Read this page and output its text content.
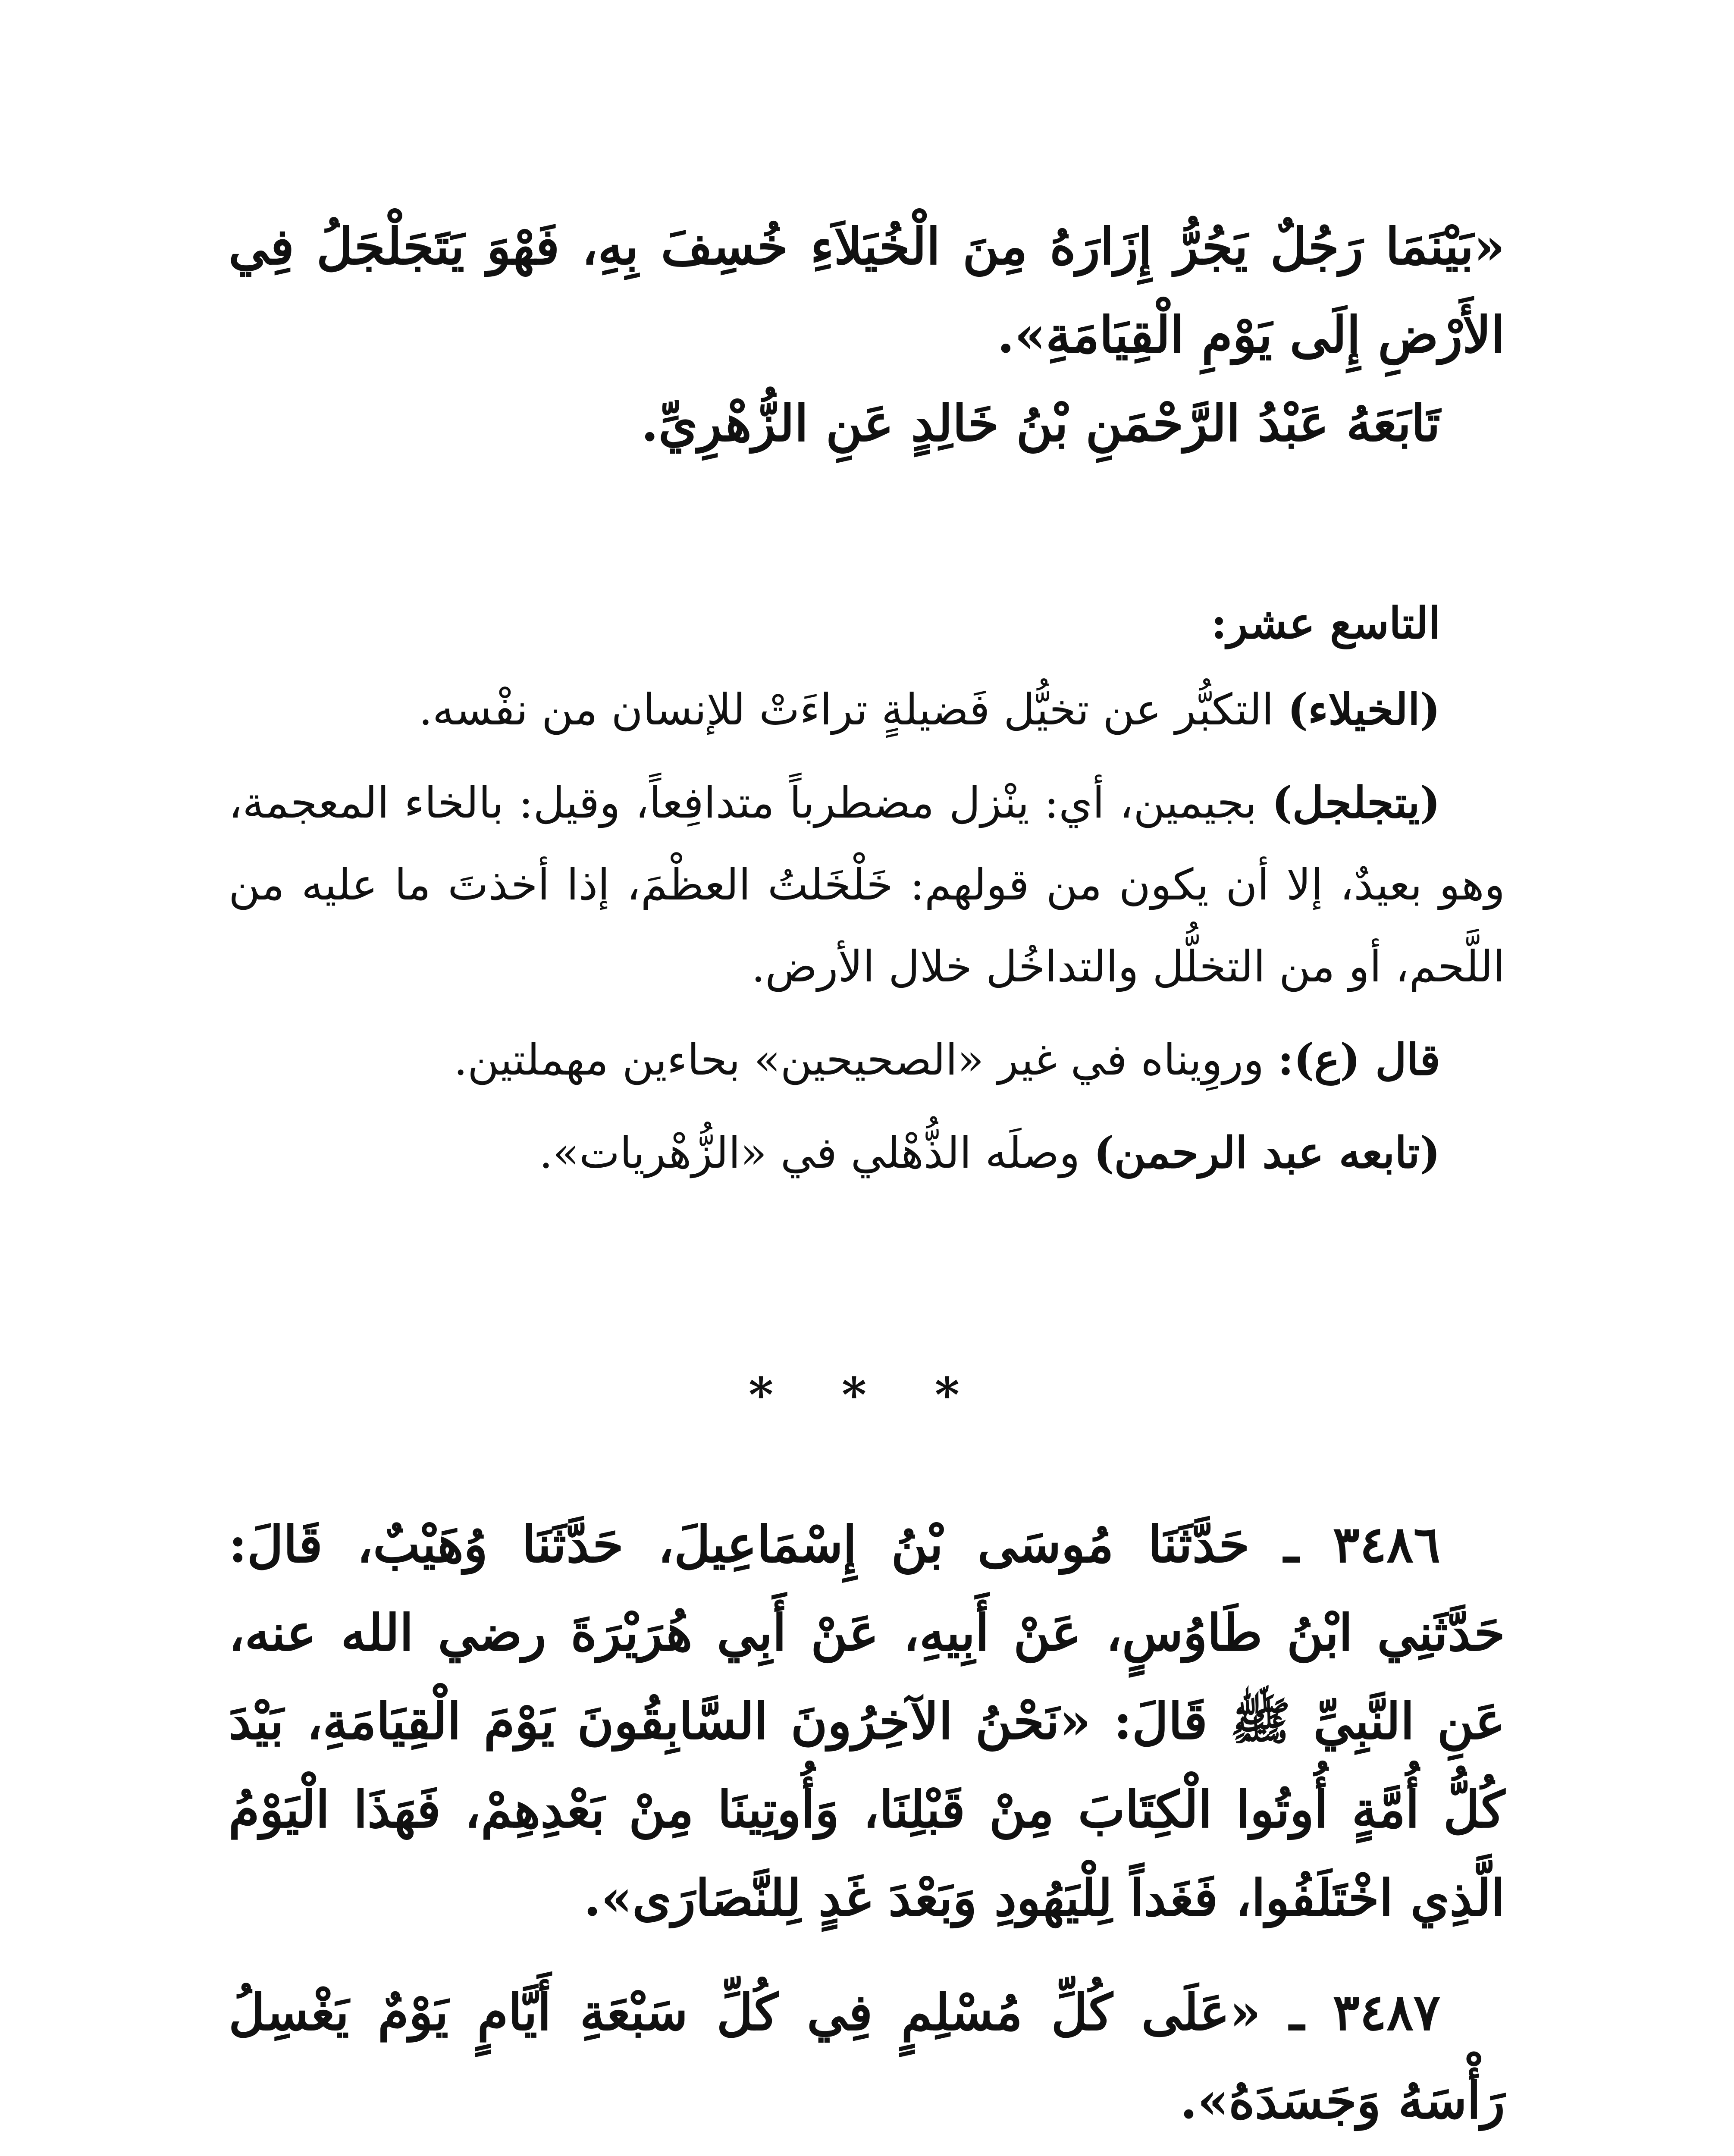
«بَيْنَمَا رَجُلٌ يَجُرُّ إِزَارَهُ مِنَ الْخُيَلاَءِ خُسِفَ بِهِ، فَهْوَ يَتَجَلْجَلُ فِي الأَرْضِ إِلَى يَوْمِ الْقِيَامَةِ».

تَابَعَهُ عَبْدُ الرَّحْمَنِ بْنُ خَالِدٍ عَنِ الزُّهْرِيِّ.

التاسع عشر:

(الخيلاء) التكبُّر عن تخيُّل فَضيلةٍ تراءَتْ للإنسان من نفْسه.

(يتجلجل) بجيمين، أي: ينْزل مضطرباً متدافِعاً، وقيل: بالخاء المعجمة، وهو بعيدٌ، إلا أن يكون من قولهم: خَلْخَلتُ العظْمَ، إذا أخذتَ ما عليه من اللَّحم، أو من التخلُّل والتداخُل خلال الأرض.

قال (ع): وروِيناه في غير «الصحيحين» بحاءين مهملتين.

(تابعه عبد الرحمن) وصلَه الذُّهْلي في «الزُّهْريات».

* * *

٣٤٨٦ ـ حَدَّثَنَا مُوسَى بْنُ إِسْمَاعِيلَ، حَدَّثَنَا وُهَيْبٌ، قَالَ: حَدَّثَنِي ابْنُ طَاوُسٍ، عَنْ أَبِيهِ، عَنْ أَبِي هُرَيْرَةَ رضي الله عنه، عَنِ النَّبِيِّ ﷺ قَالَ: «نَحْنُ الآخِرُونَ السَّابِقُونَ يَوْمَ الْقِيَامَةِ، بَيْدَ كُلُّ أُمَّةٍ أُوتُوا الْكِتَابَ مِنْ قَبْلِنَا، وَأُوتِينَا مِنْ بَعْدِهِمْ، فَهَذَا الْيَوْمُ الَّذِي اخْتَلَفُوا، فَغَداً لِلْيَهُودِ وَبَعْدَ غَدٍ لِلنَّصَارَى».

٣٤٨٧ ـ «عَلَى كُلِّ مُسْلِمٍ فِي كُلِّ سَبْعَةِ أَيَّامٍ يَوْمٌ يَغْسِلُ رَأْسَهُ وَجَسَدَهُ».
